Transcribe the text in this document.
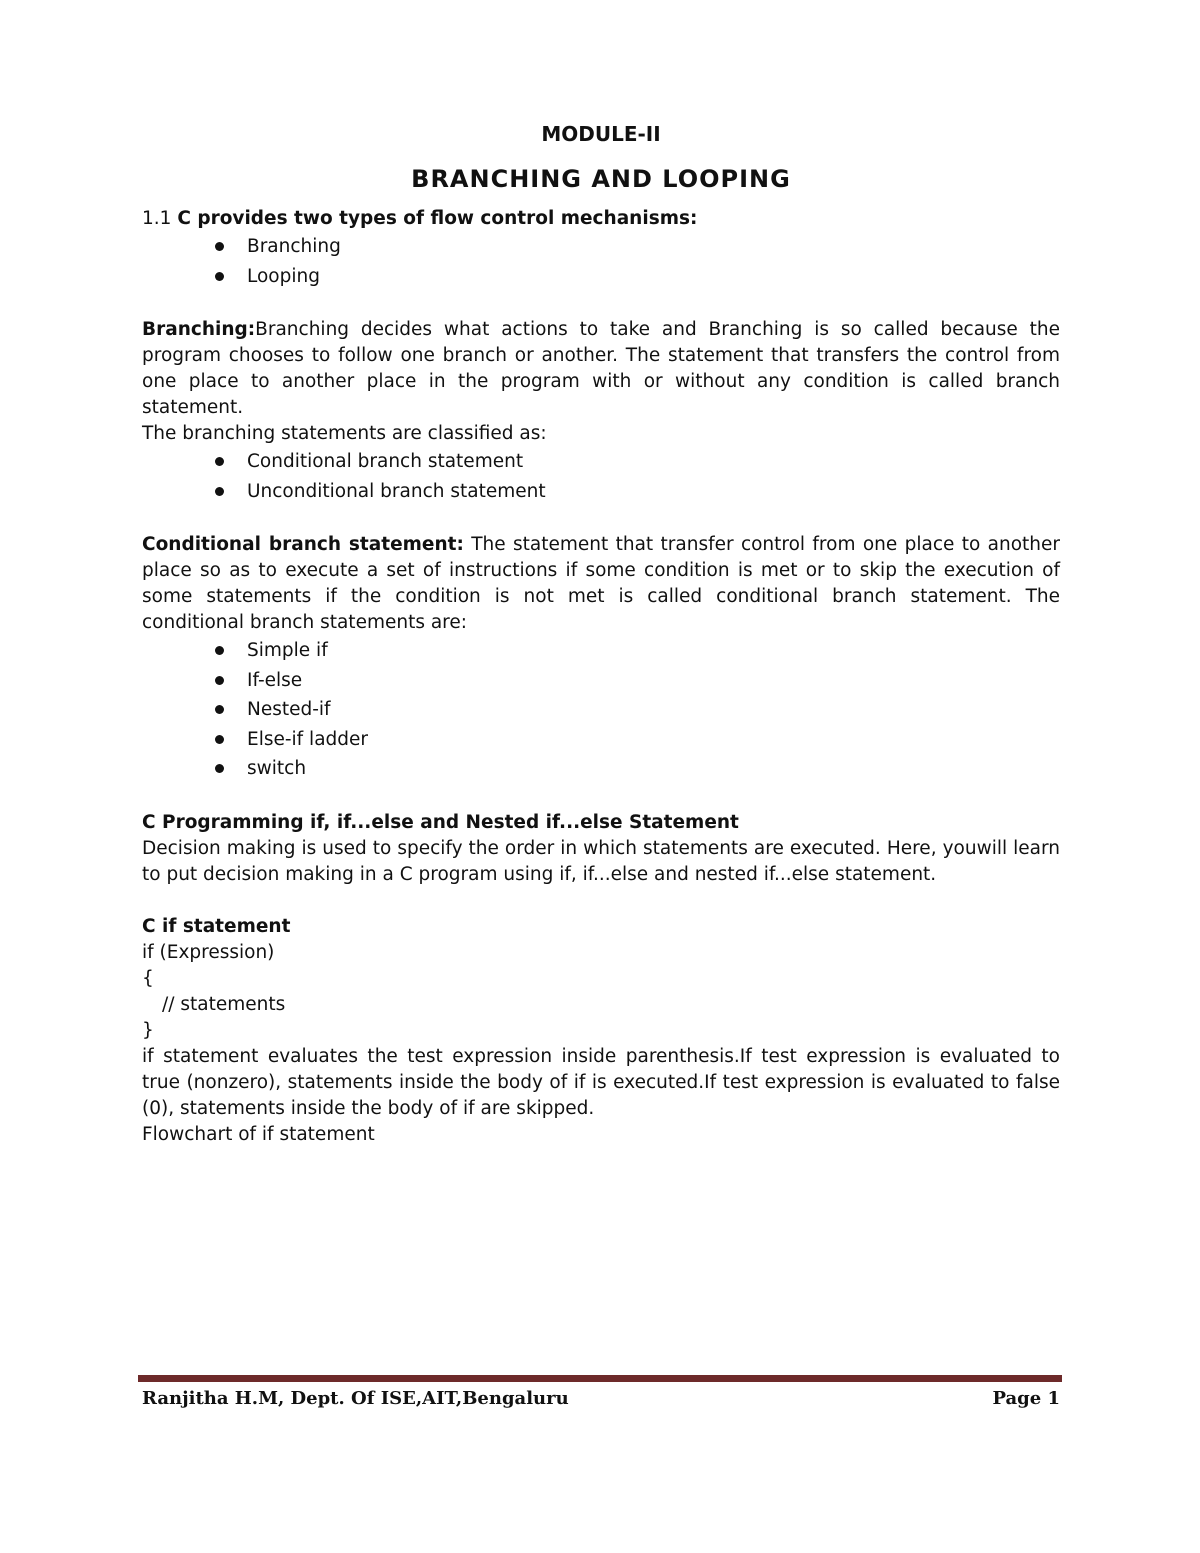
MODULE-II

BRANCHING AND LOOPING

1.1 C provides two types of flow control mechanisms:

Branching
Looping

Branching:Branching decides what actions to take and Branching is so called because the program chooses to follow one branch or another. The statement that transfers the control from one place to another place in the program with or without any condition is called branch statement.

The branching statements are classified as:

Conditional branch statement
Unconditional branch statement

Conditional branch statement: The statement that transfer control from one place to another place so as to execute a set of instructions if some condition is met or to skip the execution of some statements if the condition is not met is called conditional branch statement. The conditional branch statements are:

Simple if
If-else
Nested-if
Else-if ladder
switch

C Programming if, if...else and Nested if...else Statement

Decision making is used to specify the order in which statements are executed. Here, youwill learn to put decision making in a C program using if, if...else and nested if...else statement.

C if statement

if (Expression)

{

// statements

}

if statement evaluates the test expression inside parenthesis.If test expression is evaluated to true (nonzero), statements inside the body of if is executed.If test expression is evaluated to false (0), statements inside the body of if are skipped.

Flowchart of if statement

Ranjitha H.M, Dept. Of ISE,AIT,Bengaluru	Page 1
